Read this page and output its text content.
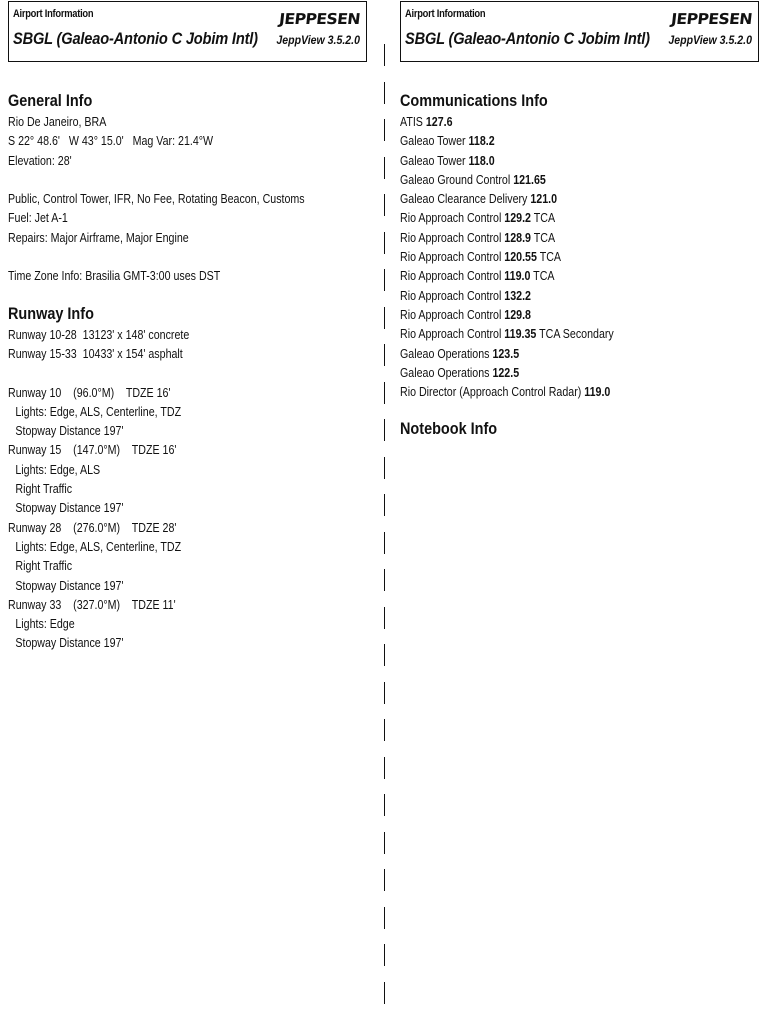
Airport Information
SBGL (Galeao-Antonio C Jobim Intl)
JEPPESEN
JeppView 3.5.2.0
Airport Information
SBGL (Galeao-Antonio C Jobim Intl)
JEPPESEN
JeppView 3.5.2.0
General Info
Rio De Janeiro, BRA
S 22° 48.6'   W 43° 15.0'   Mag Var: 21.4°W
Elevation: 28'
Public, Control Tower, IFR, No Fee, Rotating Beacon, Customs
Fuel: Jet A-1
Repairs: Major Airframe, Major Engine
Time Zone Info: Brasilia GMT-3:00 uses DST
Runway Info
Runway 10-28  13123' x 148' concrete
Runway 15-33  10433' x 154' asphalt
Runway 10    (96.0°M)    TDZE 16'
Lights: Edge, ALS, Centerline, TDZ
Stopway Distance 197'
Runway 15    (147.0°M)    TDZE 16'
Lights: Edge, ALS
Right Traffic
Stopway Distance 197'
Runway 28    (276.0°M)    TDZE 28'
Lights: Edge, ALS, Centerline, TDZ
Right Traffic
Stopway Distance 197'
Runway 33    (327.0°M)    TDZE 11'
Lights: Edge
Stopway Distance 197'
Communications Info
ATIS 127.6
Galeao Tower 118.2
Galeao Tower 118.0
Galeao Ground Control 121.65
Galeao Clearance Delivery 121.0
Rio Approach Control 129.2 TCA
Rio Approach Control 128.9 TCA
Rio Approach Control 120.55 TCA
Rio Approach Control 119.0 TCA
Rio Approach Control 132.2
Rio Approach Control 129.8
Rio Approach Control 119.35 TCA Secondary
Galeao Operations 123.5
Galeao Operations 122.5
Rio Director (Approach Control Radar) 119.0
Notebook Info
